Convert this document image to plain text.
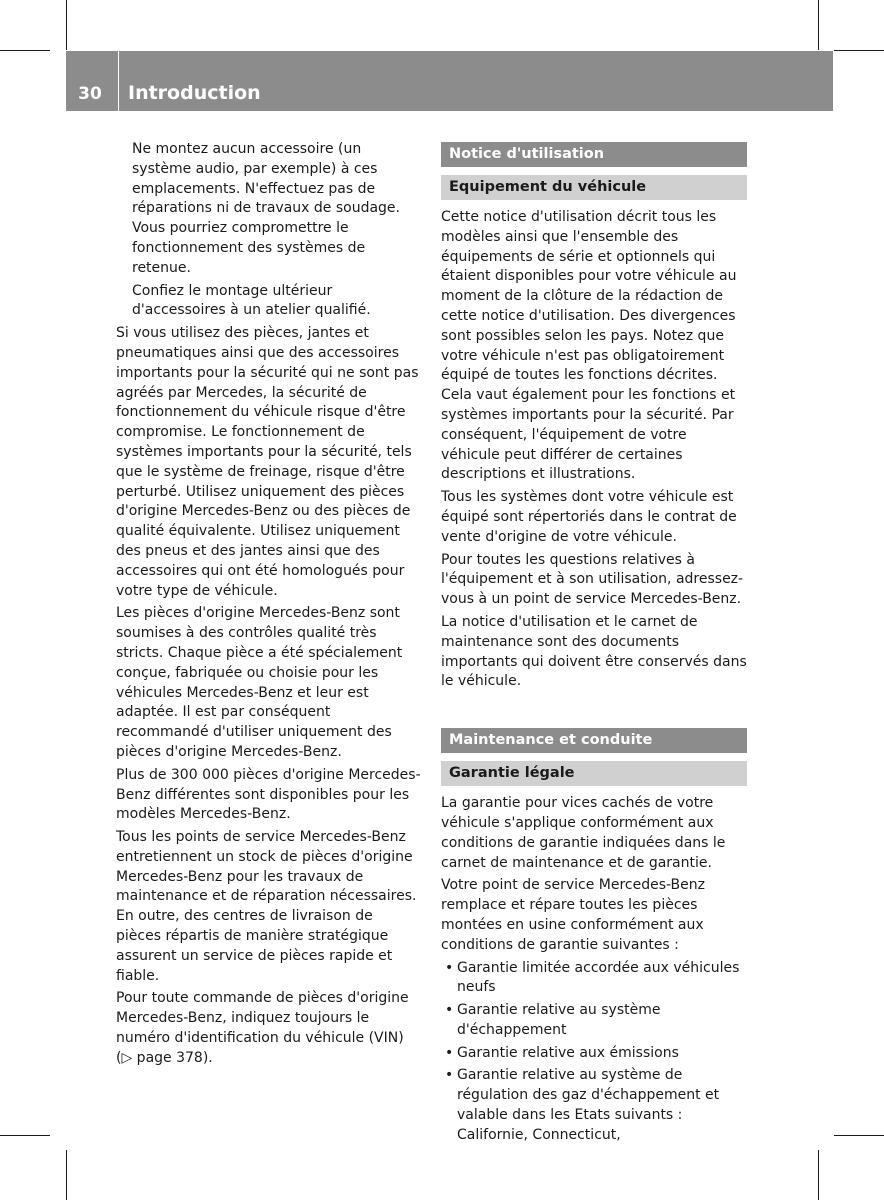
30	Introduction

Ne montez aucun accessoire (un système audio, par exemple) à ces emplacements. N'effectuez pas de réparations ni de travaux de soudage. Vous pourriez compromettre le fonctionnement des systèmes de retenue.

Confiez le montage ultérieur d'accessoires à un atelier qualifié.

Si vous utilisez des pièces, jantes et pneumatiques ainsi que des accessoires importants pour la sécurité qui ne sont pas agréés par Mercedes, la sécurité de fonctionnement du véhicule risque d'être compromise. Le fonctionnement de systèmes importants pour la sécurité, tels que le système de freinage, risque d'être perturbé. Utilisez uniquement des pièces d'origine Mercedes-Benz ou des pièces de qualité équivalente. Utilisez uniquement des pneus et des jantes ainsi que des accessoires qui ont été homologués pour votre type de véhicule.

Les pièces d'origine Mercedes-Benz sont soumises à des contrôles qualité très stricts. Chaque pièce a été spécialement conçue, fabriquée ou choisie pour les véhicules Mercedes-Benz et leur est adaptée. Il est par conséquent recommandé d'utiliser uniquement des pièces d'origine Mercedes-Benz.

Plus de 300 000 pièces d'origine Mercedes-Benz différentes sont disponibles pour les modèles Mercedes-Benz.

Tous les points de service Mercedes-Benz entretiennent un stock de pièces d'origine Mercedes-Benz pour les travaux de maintenance et de réparation nécessaires. En outre, des centres de livraison de pièces répartis de manière stratégique assurent un service de pièces rapide et fiable.

Pour toute commande de pièces d'origine Mercedes-Benz, indiquez toujours le numéro d'identification du véhicule (VIN)

(▷ page 378).

Notice d'utilisation
Equipement du véhicule

Cette notice d'utilisation décrit tous les modèles ainsi que l'ensemble des équipements de série et optionnels qui étaient disponibles pour votre véhicule au moment de la clôture de la rédaction de cette notice d'utilisation. Des divergences sont possibles selon les pays. Notez que votre véhicule n'est pas obligatoirement équipé de toutes les fonctions décrites. Cela vaut également pour les fonctions et systèmes importants pour la sécurité. Par conséquent, l'équipement de votre véhicule peut différer de certaines descriptions et illustrations.

Tous les systèmes dont votre véhicule est équipé sont répertoriés dans le contrat de vente d'origine de votre véhicule.

Pour toutes les questions relatives à l'équipement et à son utilisation, adressez-vous à un point de service Mercedes-Benz.

La notice d'utilisation et le carnet de maintenance sont des documents importants qui doivent être conservés dans le véhicule.

Maintenance et conduite
Garantie légale

La garantie pour vices cachés de votre véhicule s'applique conformément aux conditions de garantie indiquées dans le carnet de maintenance et de garantie.

Votre point de service Mercedes-Benz remplace et répare toutes les pièces montées en usine conformément aux conditions de garantie suivantes :

• Garantie limitée accordée aux véhicules neufs
• Garantie relative au système d'échappement
• Garantie relative aux émissions
• Garantie relative au système de régulation des gaz d'échappement et valable dans les Etats suivants : Californie, Connecticut,
